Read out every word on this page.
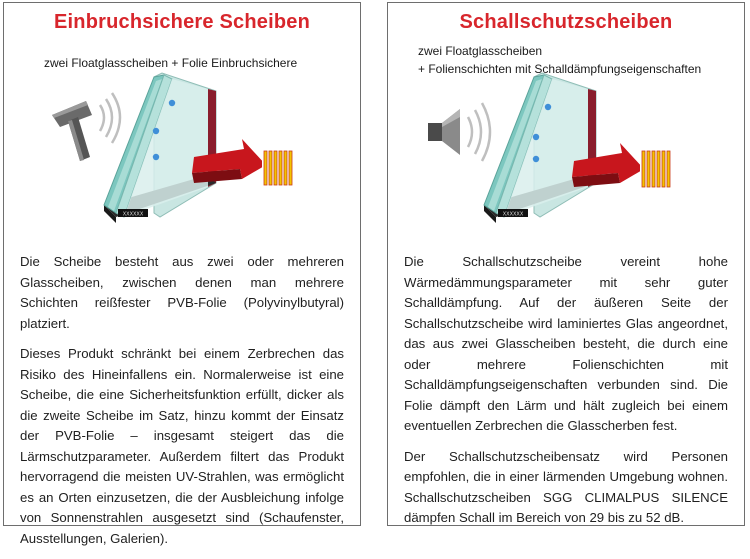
Einbruchsichere Scheiben
zwei Floatglasscheiben + Folie Einbruchsichere
XXXXXX

Die Scheibe besteht aus zwei oder mehreren Glasscheiben, zwischen denen man mehrere Schichten reißfester PVB-Folie (Polyvinylbutyral) platziert.

Dieses Produkt schränkt bei einem Zerbrechen das Risiko des Hineinfallens ein. Normalerweise ist eine Scheibe, die eine Sicherheitsfunktion erfüllt, dicker als die zweite Scheibe im Satz, hinzu kommt der Einsatz der PVB-Folie – insgesamt steigert das die Lärmschutzparameter. Außerdem filtert das Produkt hervorragend die meisten UV-Strahlen, was ermöglicht es an Orten einzusetzen, die der Ausbleichung infolge von Sonnenstrahlen ausgesetzt sind (Schaufenster, Ausstellungen, Galerien).

Schallschutzscheiben
zwei Floatglasscheiben
+ Folienschichten mit Schalldämpfungseigenschaften
XXXXXX

Die Schallschutzscheibe vereint hohe Wärmedämmungsparameter mit sehr guter Schalldämpfung. Auf der äußeren Seite der Schallschutzscheibe wird laminiertes Glas angeordnet, das aus zwei Glasscheiben besteht, die durch eine oder mehrere Folienschichten mit Schalldämpfungseigenschaften verbunden sind. Die Folie dämpft den Lärm und hält zugleich bei einem eventuellen Zerbrechen die Glasscherben fest.

Der Schallschutzscheibensatz wird Personen empfohlen, die in einer lärmenden Umgebung wohnen. Schallschutzscheiben SGG CLIMALPUS SILENCE dämpfen Schall im Bereich von 29 bis zu 52 dB.
